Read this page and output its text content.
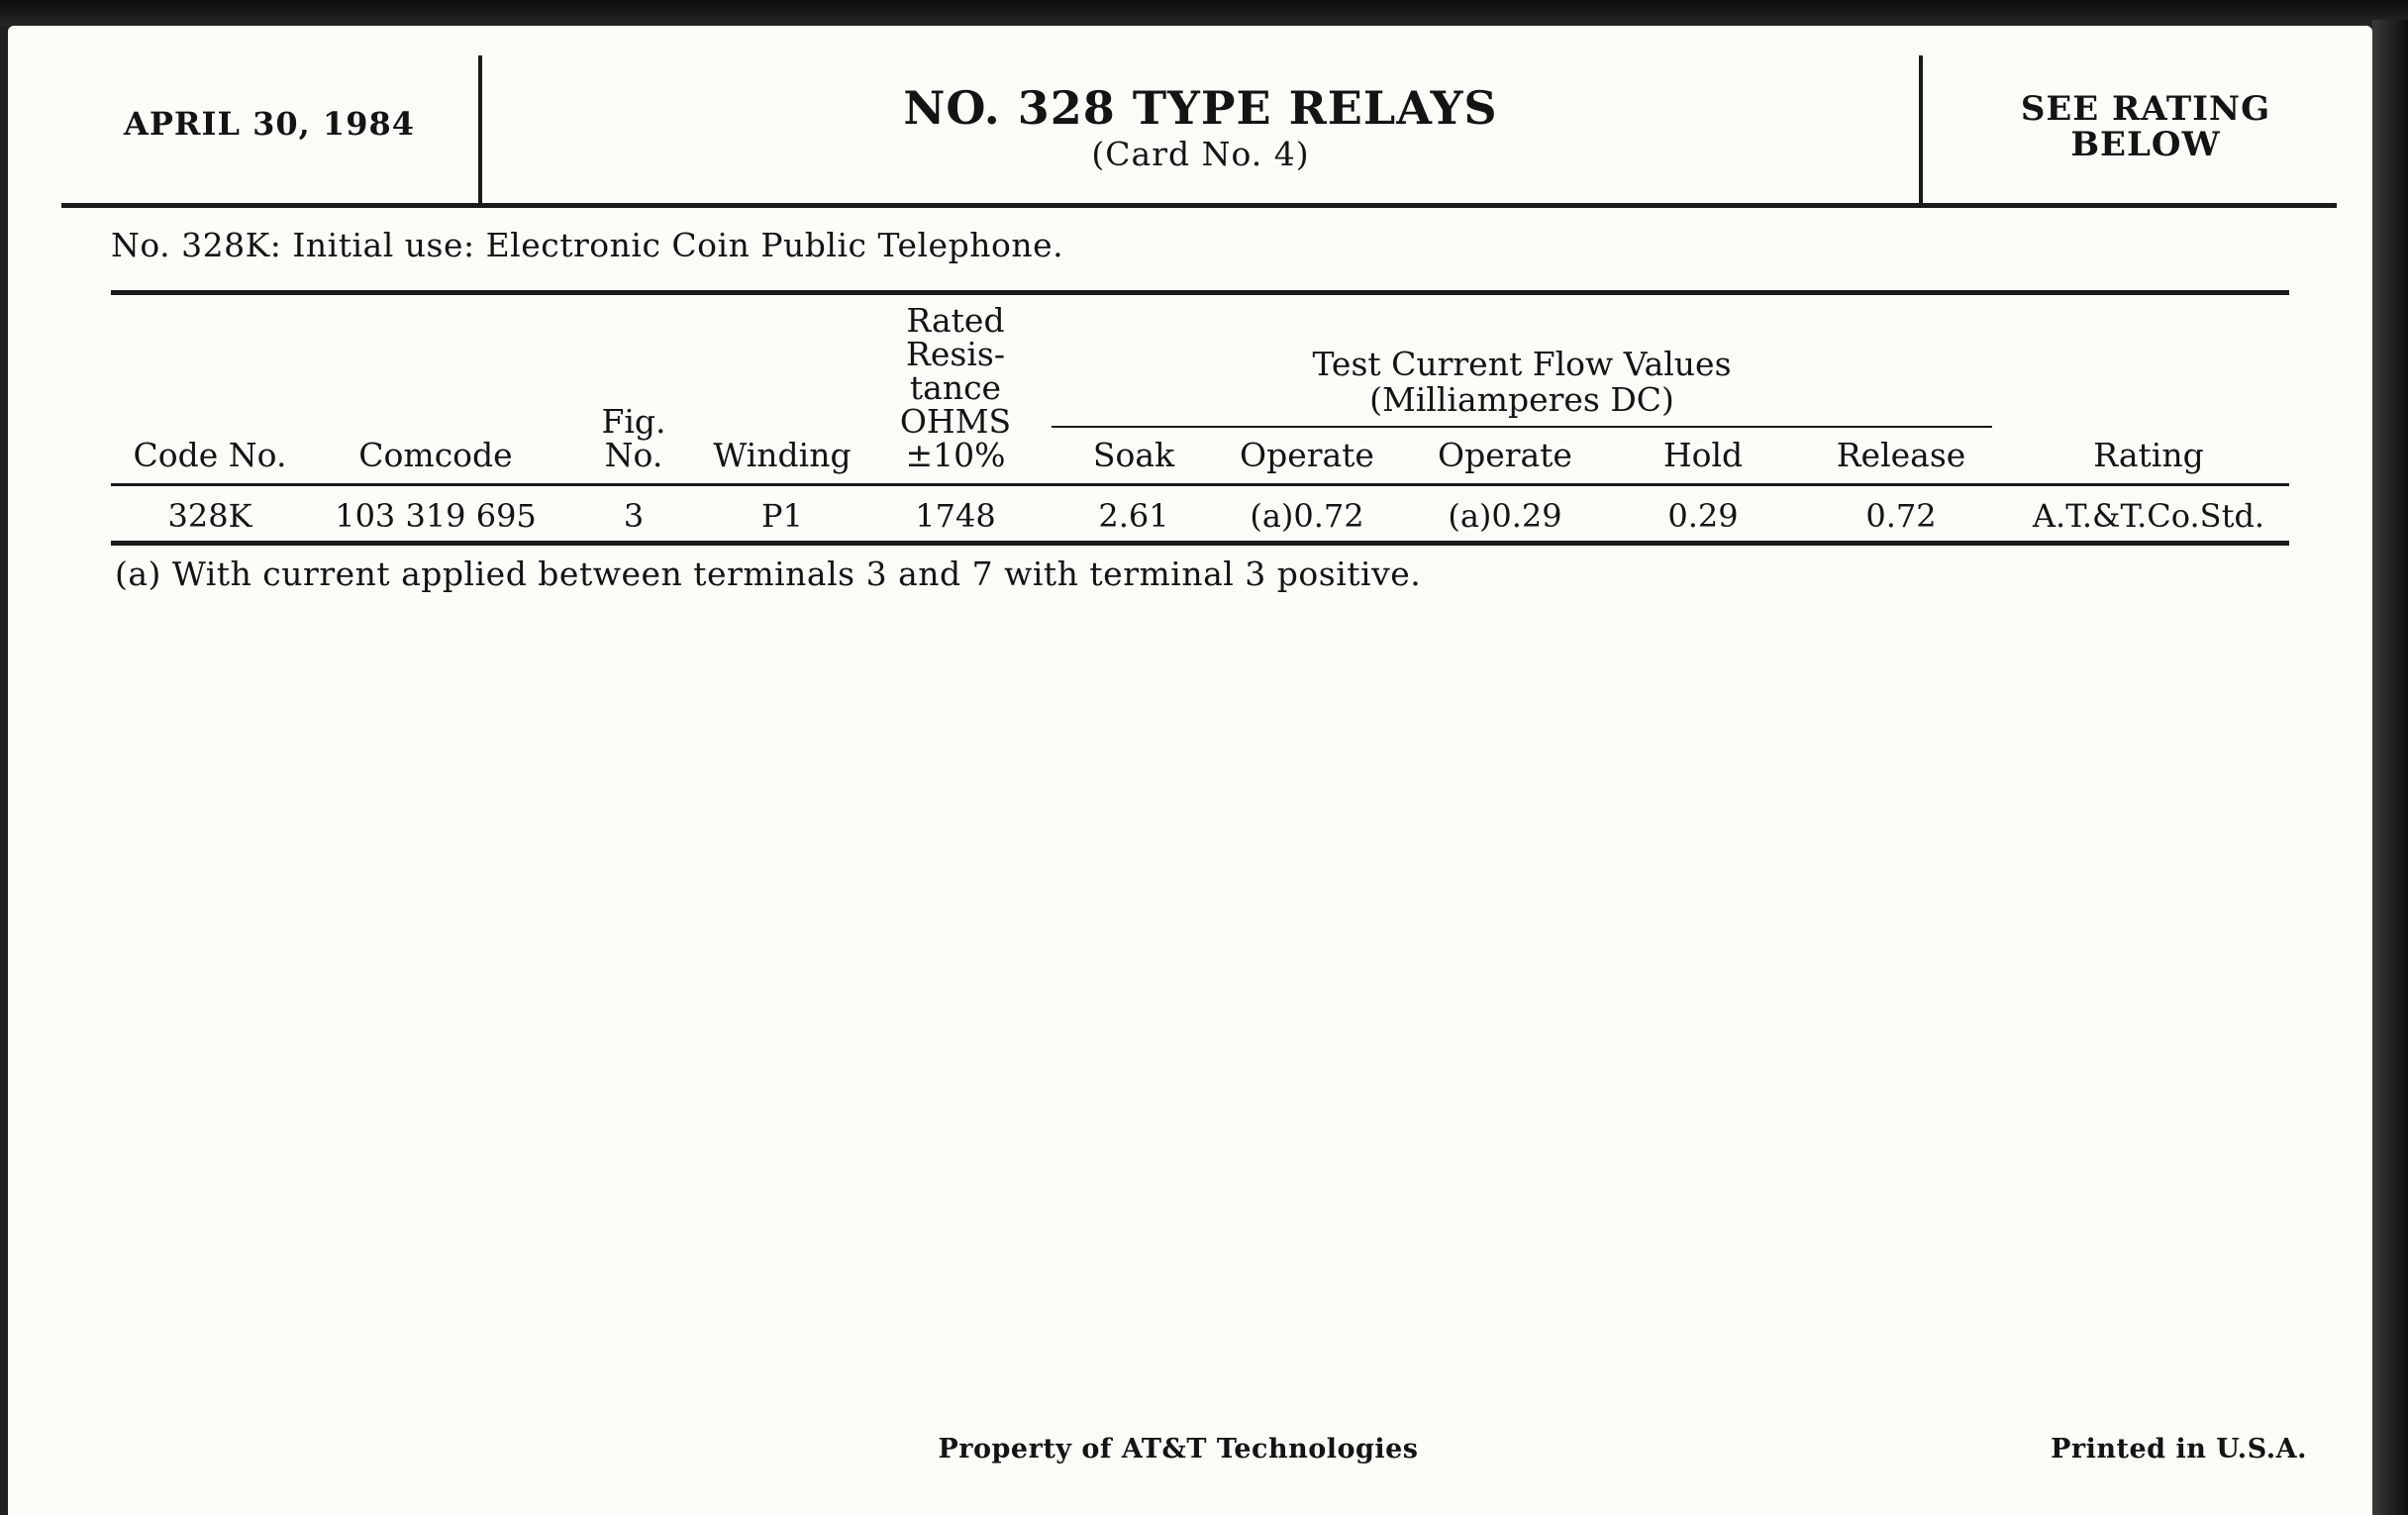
APRIL 30, 1984	NO. 328 TYPE RELAYS
(Card No. 4)
SEE RATING
BELOW
No. 328K: Initial use: Electronic Coin Public Telephone.
Code No.	Comcode
Fig.
No.	Winding
Rated
Resis-
tance
OHMS
±10%
Test Current Flow Values
(Milliamperes DC)
Soak	Operate	Operate	Hold	Release	Rating
328K	103 319 695	3	P1	1748	2.61	(a)0.72	(a)0.29	0.29	0.72	A.T.&T.Co.Std.
(a) With current applied between terminals 3 and 7 with terminal 3 positive.
Property of AT&T Technologies	Printed in U.S.A.
